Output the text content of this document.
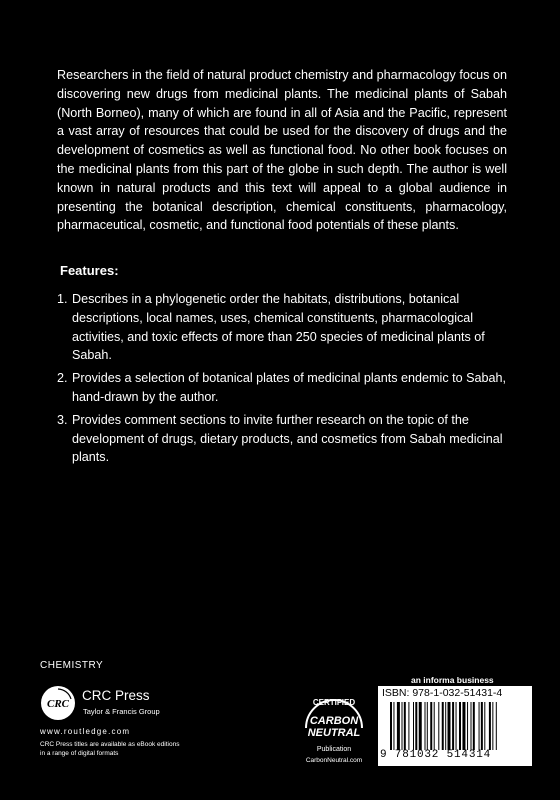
Researchers in the field of natural product chemistry and pharmacology focus on discovering new drugs from medicinal plants. The medicinal plants of Sabah (North Borneo), many of which are found in all of Asia and the Pacific, represent a vast array of resources that could be used for the discovery of drugs and the development of cosmetics as well as functional food. No other book focuses on the medicinal plants from this part of the globe in such depth. The author is well known in natural products and this text will appeal to a global audience in presenting the botanical description, chemical constituents, pharmacology, pharmaceutical, cosmetic, and functional food potentials of these plants.
Features:
1. Describes in a phylogenetic order the habitats, distributions, botanical descriptions, local names, uses, chemical constituents, pharmacological activities, and toxic effects of more than 250 species of medicinal plants of Sabah.
2. Provides a selection of botanical plates of medicinal plants endemic to Sabah, hand-drawn by the author.
3. Provides comment sections to invite further research on the topic of the development of drugs, dietary products, and cosmetics from Sabah medicinal plants.
CHEMISTRY
CRC
CRC Press
Taylor & Francis Group
www.routledge.com
CRC Press titles are available as eBook editions
in a range of digital formats
CERTIFIED
CARBON
NEUTRAL
Publication
CarbonNeutral.com
an informa business
ISBN: 978-1-032-51431-4
9 781032 514314
